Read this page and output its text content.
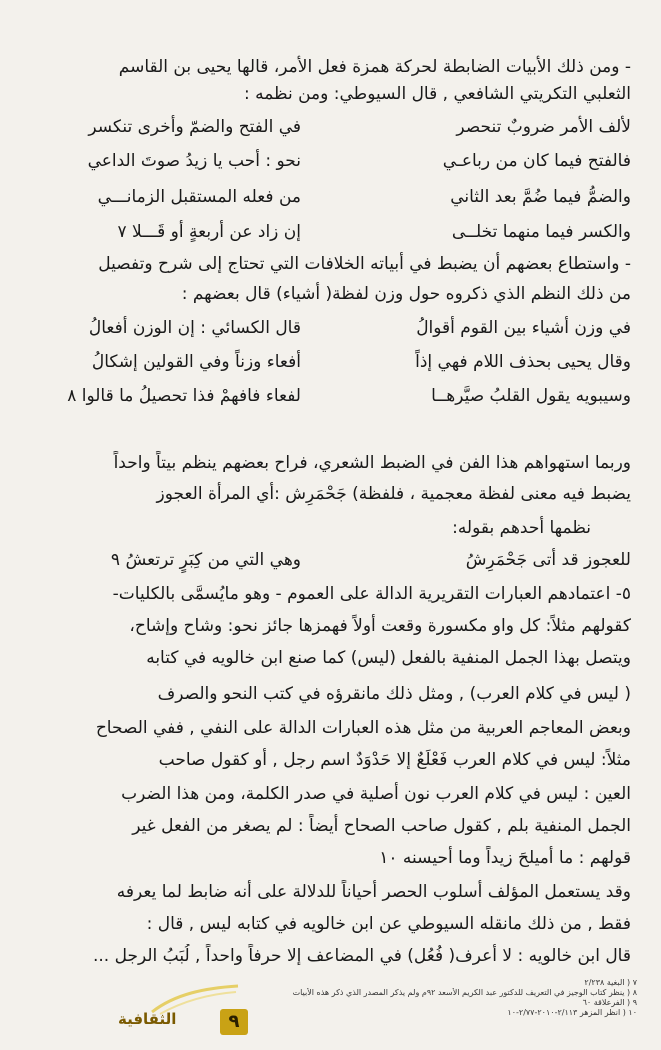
- ومن ذلك الأبيات الضابطة لحركة همزة فعل الأمر، قالها يحيى بن القاسم
الثعلبي التكريتي الشافعي , قال السيوطي: ومن نظمه :
لألف الأمر ضروبٌ تنحصر
في الفتح والضمّ وأخرى تنكسر
فالفتح فيما كان من رباعـي
نحو : أحب يا زيدُ صوتَ الداعي
والضمُّ فيما ضُمَّ بعد الثاني
من فعله المستقبل الزمانـــي
والكسر فيما منهما تخلــى
إن زاد عن أربعةٍ أو قَـــلا ٧
- واستطاع بعضهم أن يضبط في أبياته الخلافات التي تحتاج إلى شرح وتفصيل
من ذلك النظم الذي ذكروه حول وزن لفظة( أشياء) قال بعضهم :
في وزن أشياء بين القوم أقوالُ
قال الكسائي : إن الوزن أفعالُ
وقال يحيى بحذف اللام فهي إذاً
أفعاء وزناً وفي القولين إشكالُ
وسيبويه يقول القلبُ صيَّرهــا
لفعاء فافهمْ فذا تحصيلُ ما قالوا ٨
وربما استهواهم هذا الفن في الضبط الشعري، فراح بعضهم ينظم بيتاً واحداً
يضبط فيه معنى لفظة معجمية ، فلفظة) جَحْمَرِش :أي المرأة العجوز
نظمها أحدهم بقوله:
للعجوز قد أتى جَحْمَرِشُ
وهي التي من كِبَرٍ ترتعشُ ٩
٥- اعتمادهم العبارات التقريرية الدالة على العموم - وهو مايُسمَّى بالكليات-
كقولهم مثلاً: كل واو مكسورة وقعت أولاً فهمزها جائز نحو: وشاح وإشاح،
ويتصل بهذا الجمل المنفية بالفعل (ليس) كما صنع ابن خالويه في كتابه
( ليس في كلام العرب) , ومثل ذلك مانقرؤه في كتب النحو والصرف
وبعض المعاجم العربية من مثل هذه العبارات الدالة على النفي , ففي الصحاح
مثلاً: ليس في كلام العرب فَعْلَعٌ إلا حَدْوَدٌ اسم رجل , أو كقول صاحب
العين : ليس في كلام العرب نون أصلية في صدر الكلمة، ومن هذا الضرب
الجمل المنفية بلم , كقول صاحب الصحاح أيضاً : لم يصغر من الفعل غير
قولهم : ما أُميلحَ زيداً وما أُحيسنه ١٠
وقد يستعمل المؤلف أسلوب الحصر أحياناً للدلالة على أنه ضابط لما يعرفه
فقط , من ذلك مانقله السيوطي عن ابن خالويه في كتابه ليس , قال :
قال ابن خالويه : لا أعرف( فُعُل) في المضاعف إلا حرفاً واحداً , لُبَبُ الرجل ...
٧ ( البغية ٢/٢٣٨
٨ ( ينظر كتاب الوجيز في التعريف للدكتور عبد الكريم الأسعد ٩٢م ولم يذكر المصدر الذي ذكر هذه الأبيات
٩ ( الفرعلاقة ٦٠
١٠ ( انظر المزهر ٢/١١٣-٢٠١٠-٢/٧٧-١٠
الثقافية	٩
